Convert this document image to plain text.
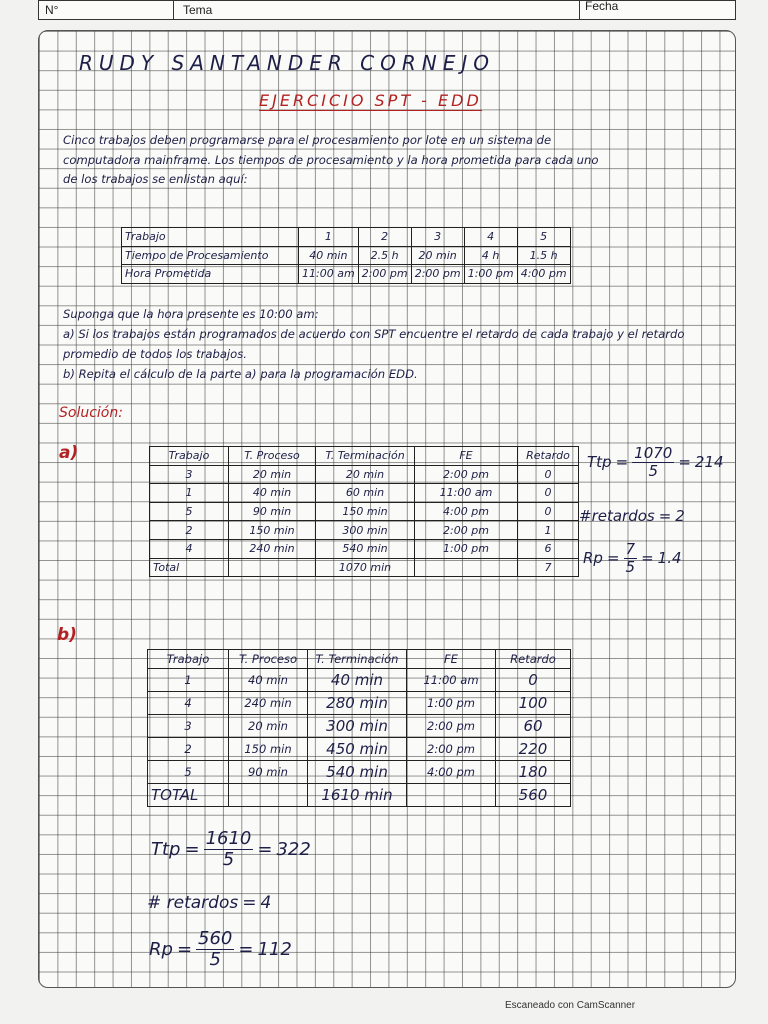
N°	Tema	Fecha
RUDY SANTANDER CORNEJO
EJERCICIO SPT - EDD
Cinco trabajos deben programarse para el procesamiento por lote en un sistema de
computadora mainframe. Los tiempos de procesamiento y la hora prometida para cada uno
de los trabajos se enlistan aquí:
Trabajo	1	2	3	4	5
Tiempo de Procesamiento	40 min	2.5 h	20 min	4 h	1.5 h
Hora Prometida	11:00 am	2:00 pm	2:00 pm	1:00 pm	4:00 pm
Suponga que la hora presente es 10:00 am:
a) Si los trabajos están programados de acuerdo con SPT encuentre el retardo de cada trabajo y el retardo promedio de todos los trabajos.
b) Repita el cálculo de la parte a) para la programación EDD.
Solución:
a)	Trabajo	T. Proceso	T. Terminación	FE	Retardo
3	20 min	20 min	2:00 pm	0
1	40 min	60 min	11:00 am	0
5	90 min	150 min	4:00 pm	0
2	150 min	300 min	2:00 pm	1
4	240 min	540 min	1:00 pm	6
Total		1070 min		7
Ttp = $\frac{1070}{5} = 214$
#retardos = 2
$Rp = \frac{7}{5} = 1.4$
b)
Trabajo	T. Proceso	T. Terminación	FE	Retardo
1	40 min	40 min	11:00 am	0
4	240 min	280 min	1:00 pm	100
3	20 min	300 min	2:00 pm	60
2	150 min	450 min	2:00 pm	220
5	90 min	540 min	4:00 pm	180
TOTAL		1610 min		560
Ttp = $\frac{1610}{5} = 322$
# retardos = 4
$Rp = \frac{560}{5} = 112$
Escaneado con CamScanner
